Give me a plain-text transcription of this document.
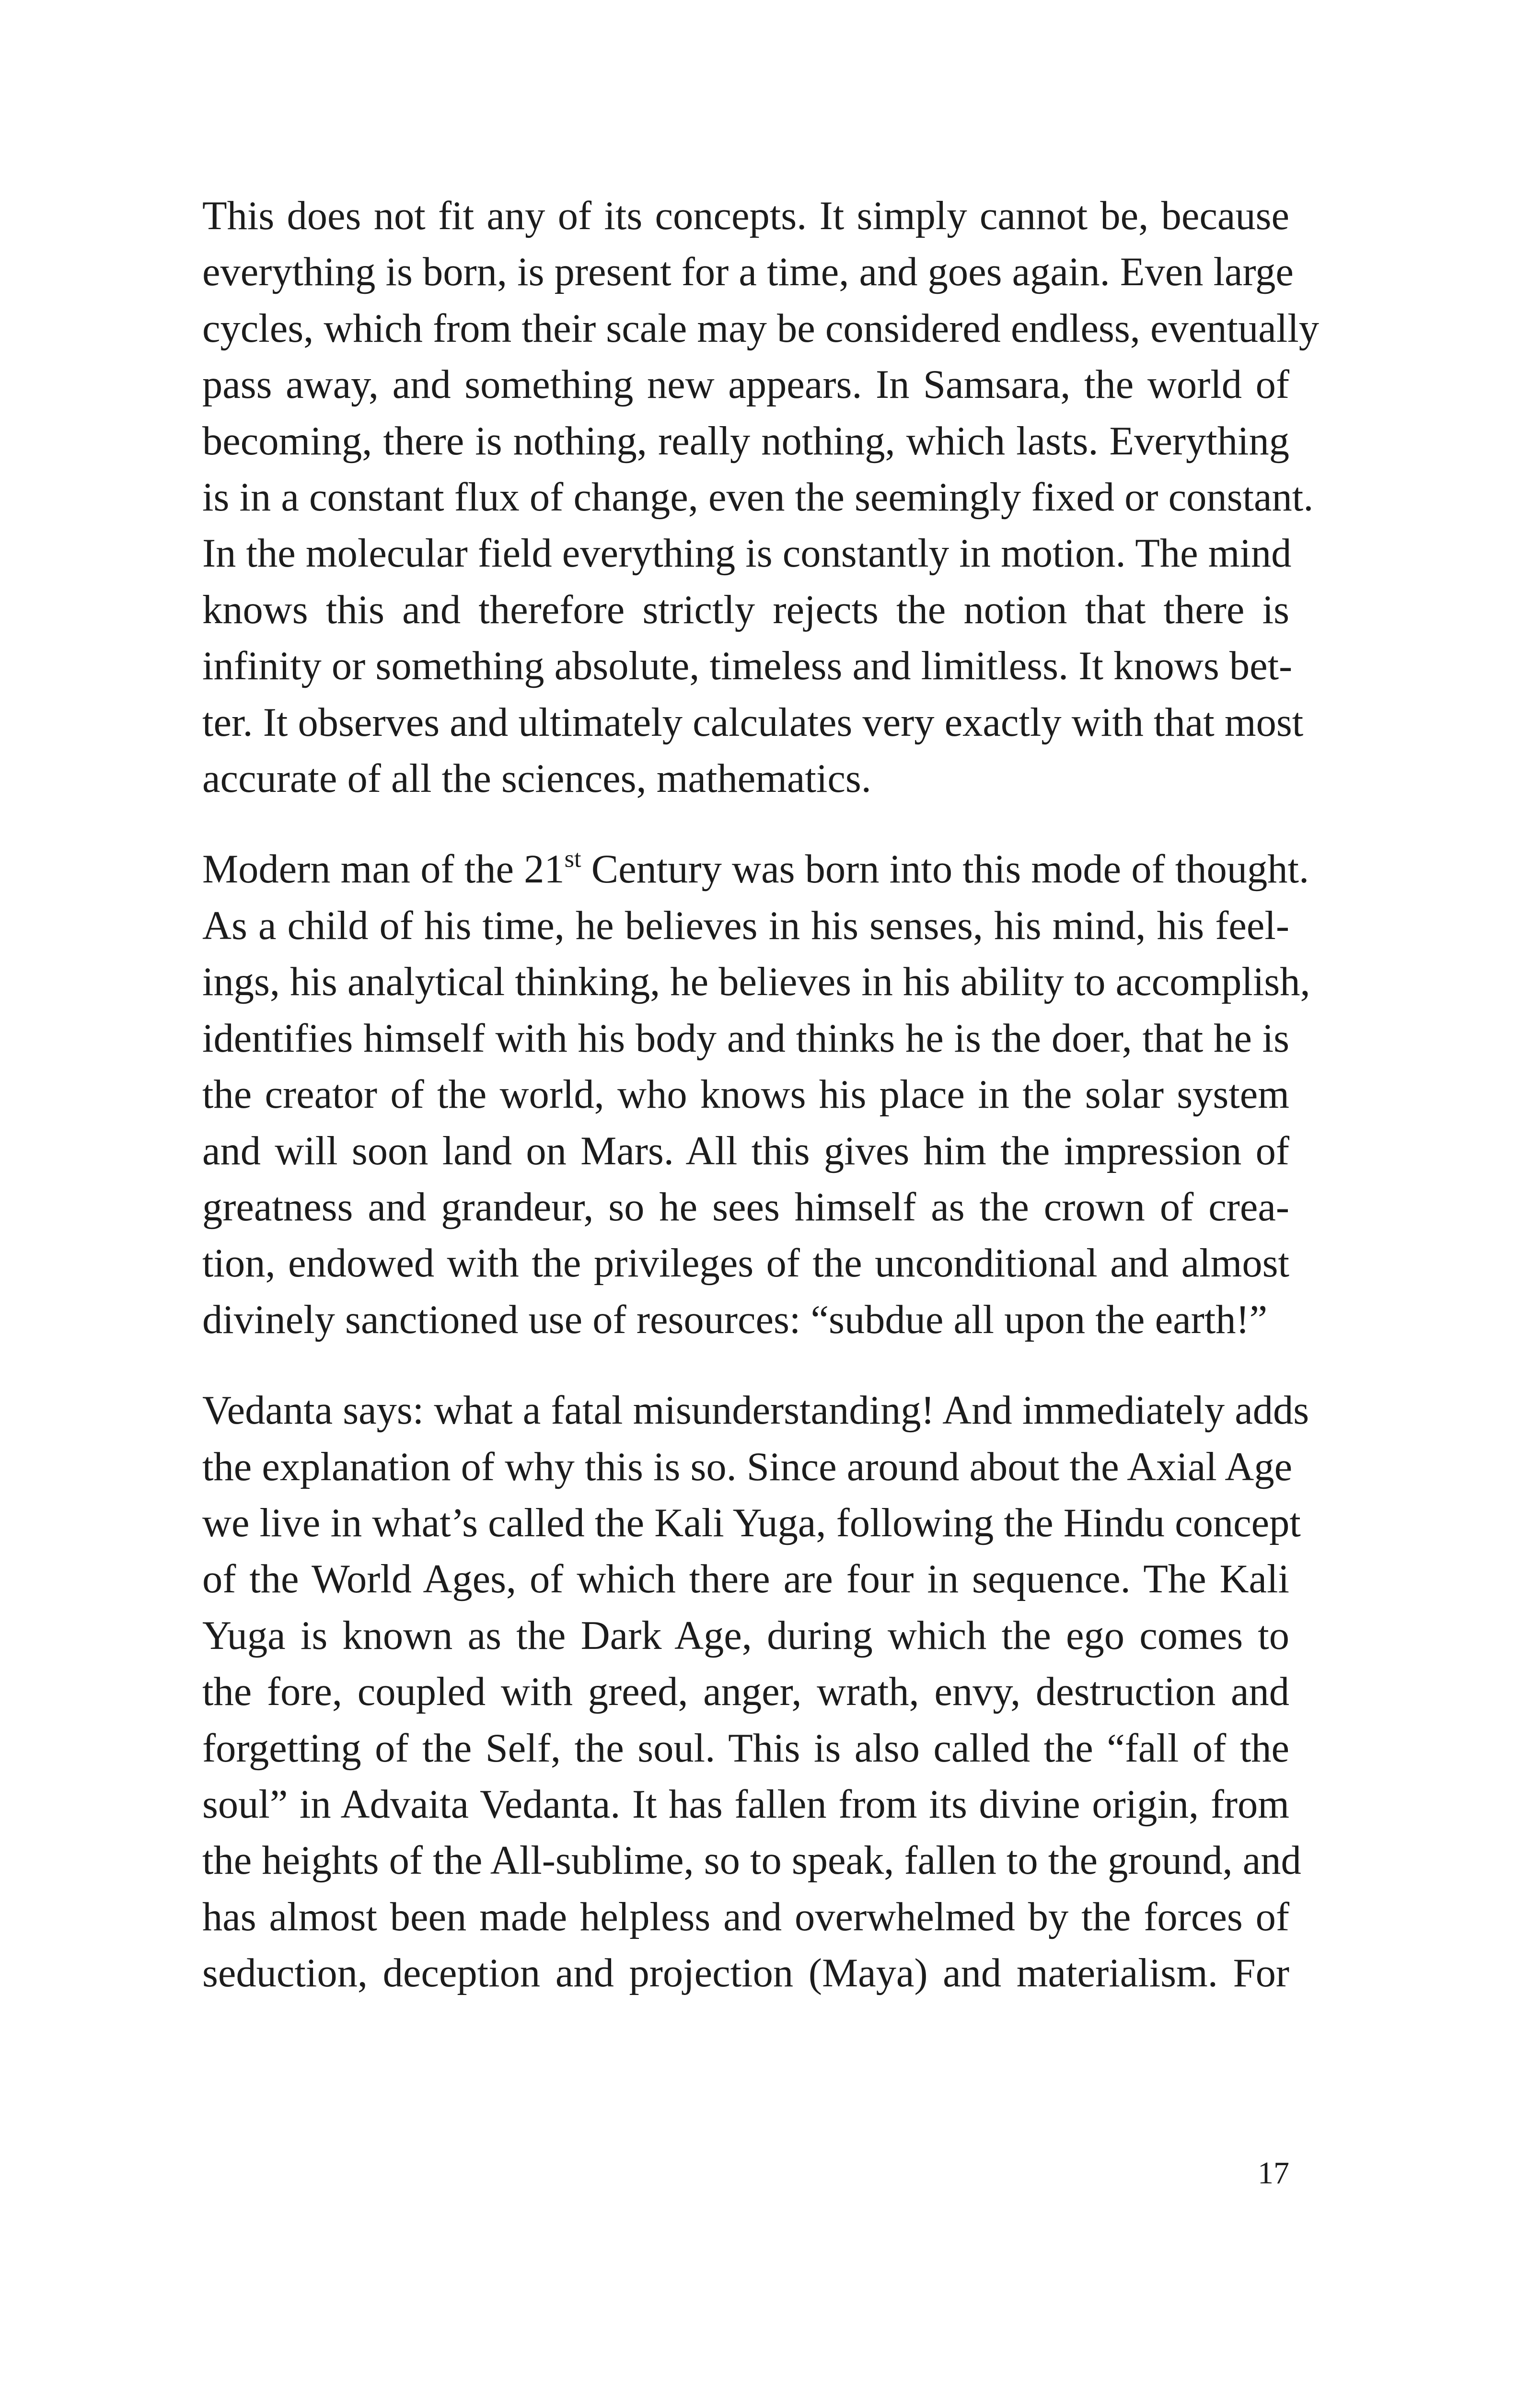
This does not fit any of its concepts. It simply cannot be, because
everything is born, is present for a time, and goes again. Even large
cycles, which from their scale may be considered endless, eventually
pass away, and something new appears. In Samsara, the world of
becoming, there is nothing, really nothing, which lasts. Everything
is in a constant flux of change, even the seemingly fixed or constant.
In the molecular field everything is constantly in motion. The mind
knows this and therefore strictly rejects the notion that there is
infinity or something absolute, timeless and limitless. It knows bet-
ter. It observes and ultimately calculates very exactly with that most
accurate of all the sciences, mathematics.

Modern man of the 21st Century was born into this mode of thought.
As a child of his time, he believes in his senses, his mind, his feel-
ings, his analytical thinking, he believes in his ability to accomplish,
identifies himself with his body and thinks he is the doer, that he is
the creator of the world, who knows his place in the solar system
and will soon land on Mars. All this gives him the impression of
greatness and grandeur, so he sees himself as the crown of crea-
tion, endowed with the privileges of the unconditional and almost
divinely sanctioned use of resources: “subdue all upon the earth!”

Vedanta says: what a fatal misunderstanding! And immediately adds
the explanation of why this is so. Since around about the Axial Age
we live in what’s called the Kali Yuga, following the Hindu concept
of the World Ages, of which there are four in sequence. The Kali
Yuga is known as the Dark Age, during which the ego comes to
the fore, coupled with greed, anger, wrath, envy, destruction and
forgetting of the Self, the soul. This is also called the “fall of the
soul” in Advaita Vedanta. It has fallen from its divine origin, from
the heights of the All-sublime, so to speak, fallen to the ground, and
has almost been made helpless and overwhelmed by the forces of
seduction, deception and projection (Maya) and materialism. For

17
